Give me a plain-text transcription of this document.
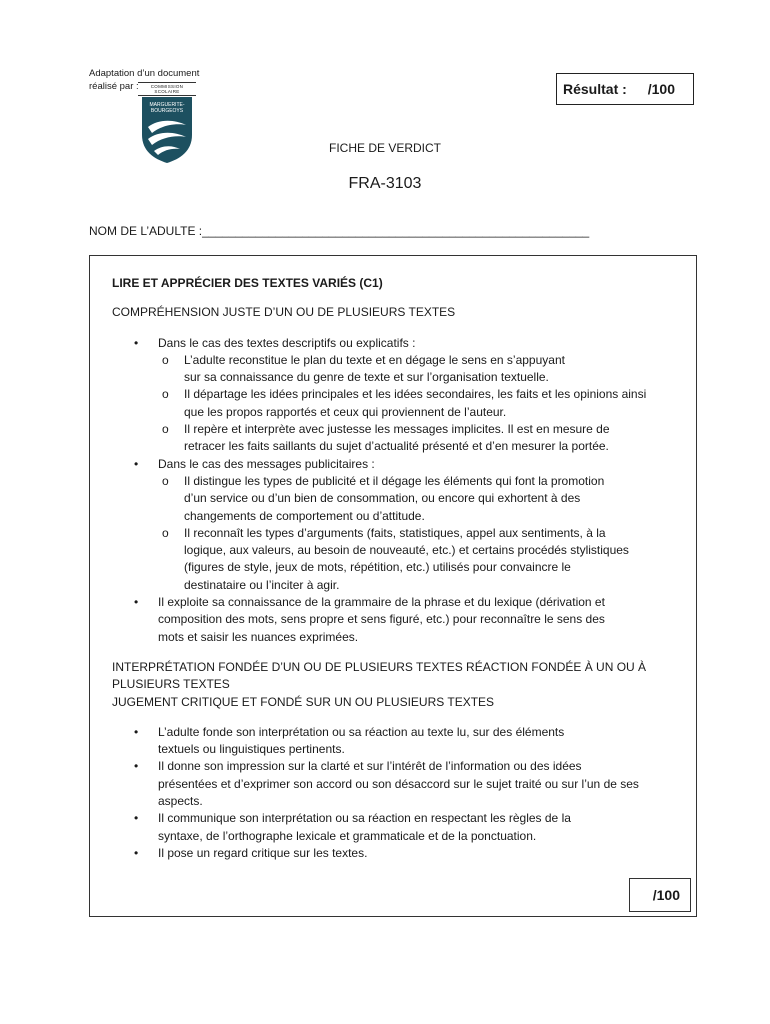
Adaptation d’un document
réalisé par :	COMMISSION
SCOLAIRE
MARGUERITE-
BOURGEOYS
Résultat : /100
FICHE DE VERDICT
FRA-3103
NOM DE L’ADULTE :__________________________________________________________
LIRE ET APPRÉCIER DES TEXTES VARIÉS (C1)
COMPRÉHENSION JUSTE D’UN OU DE PLUSIEURS TEXTES
• Dans le cas des textes descriptifs ou explicatifs :
o L’adulte reconstitue le plan du texte et en dégage le sens en s’appuyant
sur sa connaissance du genre de texte et sur l’organisation textuelle.
o Il départage les idées principales et les idées secondaires, les faits et les opinions ainsi
que les propos rapportés et ceux qui proviennent de l’auteur.
o Il repère et interprète avec justesse les messages implicites. Il est en mesure de
retracer les faits saillants du sujet d’actualité présenté et d’en mesurer la portée.
• Dans le cas des messages publicitaires :
o Il distingue les types de publicité et il dégage les éléments qui font la promotion
d’un service ou d’un bien de consommation, ou encore qui exhortent à des
changements de comportement ou d’attitude.
o Il reconnaît les types d’arguments (faits, statistiques, appel aux sentiments, à la
logique, aux valeurs, au besoin de nouveauté, etc.) et certains procédés stylistiques
(figures de style, jeux de mots, répétition, etc.) utilisés pour convaincre le
destinataire ou l’inciter à agir.
• Il exploite sa connaissance de la grammaire de la phrase et du lexique (dérivation et
composition des mots, sens propre et sens figuré, etc.) pour reconnaître le sens des
mots et saisir les nuances exprimées.
INTERPRÉTATION FONDÉE D’UN OU DE PLUSIEURS TEXTES RÉACTION FONDÉE À UN OU À
PLUSIEURS TEXTES
JUGEMENT CRITIQUE ET FONDÉ SUR UN OU PLUSIEURS TEXTES
• L’adulte fonde son interprétation ou sa réaction au texte lu, sur des éléments
textuels ou linguistiques pertinents.
• Il donne son impression sur la clarté et sur l’intérêt de l’information ou des idées
présentées et d’exprimer son accord ou son désaccord sur le sujet traité ou sur l’un de ses
aspects.
• Il communique son interprétation ou sa réaction en respectant les règles de la
syntaxe, de l’orthographe lexicale et grammaticale et de la ponctuation.
• Il pose un regard critique sur les textes.
/100
